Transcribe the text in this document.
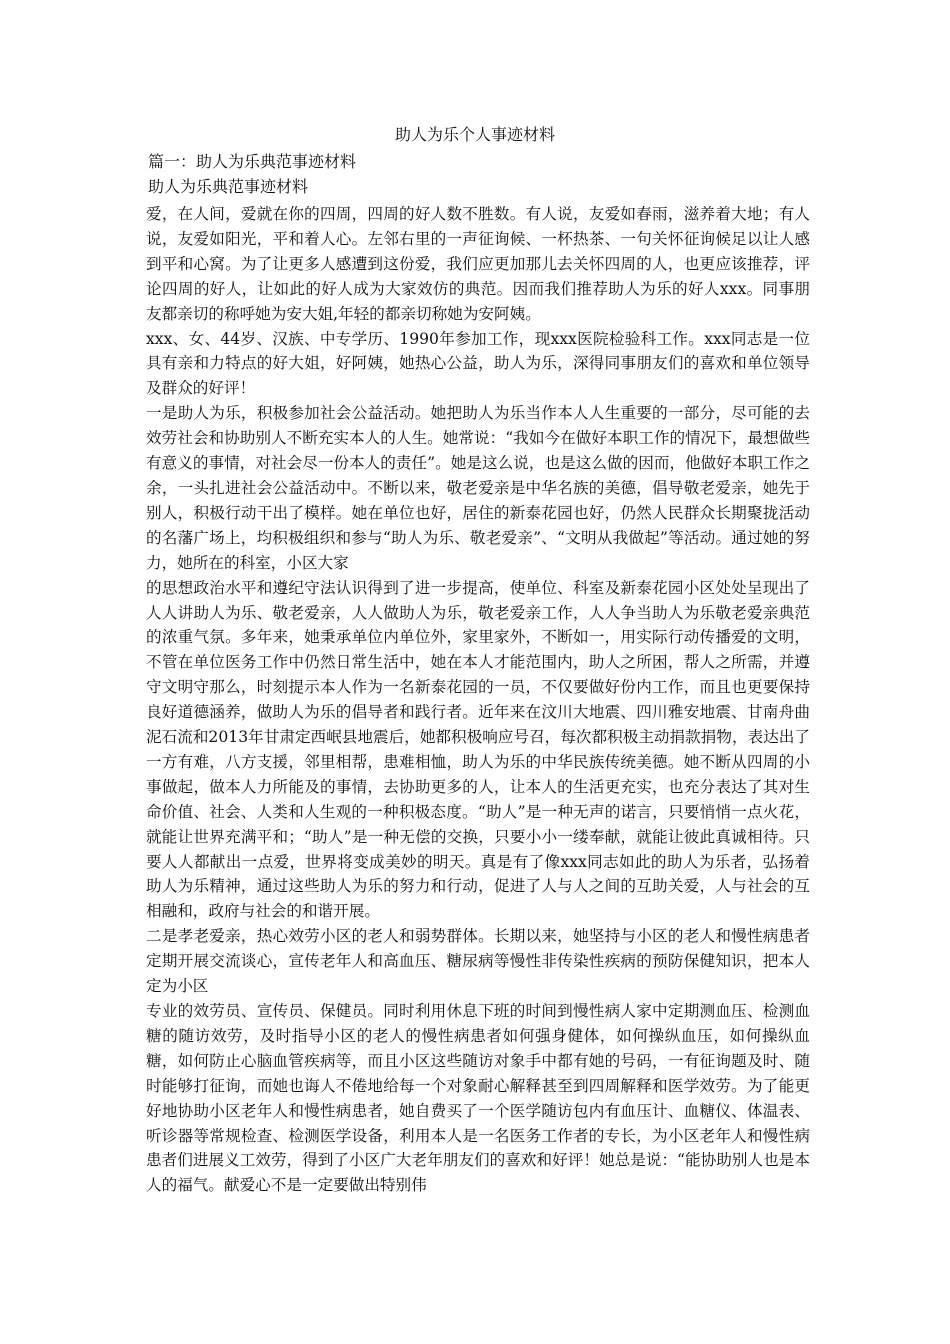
助人为乐个人事迹材料
篇一：助人为乐典范事迹材料
助人为乐典范事迹材料

爱，在人间，爱就在你的四周，四周的好人数不胜数。有人说，友爱如春雨，滋养着大地；有人说，友爱如阳光，平和着人心。左邻右里的一声征询候、一杯热茶、一句关怀征询候足以让人感到平和心窝。为了让更多人感遭到这份爱，我们应更加那儿去关怀四周的人，也更应该推荐，评论四周的好人，让如此的好人成为大家效仿的典范。因而我们推荐助人为乐的好人xxx。同事朋友都亲切的称呼她为安大姐,年轻的都亲切称她为安阿姨。

xxx、女、44岁、汉族、中专学历、1990年参加工作，现xxx医院检验科工作。xxx同志是一位具有亲和力特点的好大姐，好阿姨，她热心公益，助人为乐，深得同事朋友们的喜欢和单位领导及群众的好评！

一是助人为乐，积极参加社会公益活动。她把助人为乐当作本人人生重要的一部分，尽可能的去效劳社会和协助别人不断充实本人的人生。她常说：“我如今在做好本职工作的情况下，最想做些有意义的事情，对社会尽一份本人的责任”。她是这么说，也是这么做的因而，他做好本职工作之余，一头扎进社会公益活动中。不断以来，敬老爱亲是中华名族的美德，倡导敬老爱亲，她先于别人，积极行动干出了模样。她在单位也好，居住的新泰花园也好，仍然人民群众长期聚拢活动的名藩广场上，均积极组织和参与“助人为乐、敬老爱亲”、“文明从我做起”等活动。通过她的努力，她所在的科室，小区大家

的思想政治水平和遵纪守法认识得到了进一步提高，使单位、科室及新泰花园小区处处呈现出了人人讲助人为乐、敬老爱亲，人人做助人为乐，敬老爱亲工作，人人争当助人为乐敬老爱亲典范的浓重气氛。多年来，她秉承单位内单位外，家里家外，不断如一，用实际行动传播爱的文明，不管在单位医务工作中仍然日常生活中，她在本人才能范围内，助人之所困，帮人之所需，并遵守文明守那么，时刻提示本人作为一名新泰花园的一员，不仅要做好份内工作，而且也更要保持良好道德涵养，做助人为乐的倡导者和践行者。近年来在汶川大地震、四川雅安地震、甘南舟曲泥石流和2013年甘肃定西岷县地震后，她都积极响应号召，每次都积极主动捐款捐物，表达出了一方有难，八方支援，邻里相帮，患难相恤，助人为乐的中华民族传统美德。她不断从四周的小事做起，做本人力所能及的事情，去协助更多的人，让本人的生活更充实，也充分表达了其对生命价值、社会、人类和人生观的一种积极态度。“助人”是一种无声的诺言，只要悄悄一点火花，就能让世界充满平和；“助人”是一种无偿的交换，只要小小一缕奉献，就能让彼此真诚相待。只要人人都献出一点爱，世界将变成美妙的明天。真是有了像xxx同志如此的助人为乐者，弘扬着助人为乐精神，通过这些助人为乐的努力和行动，促进了人与人之间的互助关爱，人与社会的互相融和，政府与社会的和谐开展。

二是孝老爱亲，热心效劳小区的老人和弱势群体。长期以来，她坚持与小区的老人和慢性病患者定期开展交流谈心，宣传老年人和高血压、糖尿病等慢性非传染性疾病的预防保健知识，把本人定为小区

专业的效劳员、宣传员、保健员。同时利用休息下班的时间到慢性病人家中定期测血压、检测血糖的随访效劳，及时指导小区的老人的慢性病患者如何强身健体，如何操纵血压，如何操纵血糖，如何防止心脑血管疾病等，而且小区这些随访对象手中都有她的号码，一有征询题及时、随时能够打征询，而她也诲人不倦地给每一个对象耐心解释甚至到四周解释和医学效劳。为了能更好地协助小区老年人和慢性病患者，她自费买了一个医学随访包内有血压计、血糖仪、体温表、听诊器等常规检查、检测医学设备，利用本人是一名医务工作者的专长，为小区老年人和慢性病患者们进展义工效劳，得到了小区广大老年朋友们的喜欢和好评！她总是说：“能协助别人也是本人的福气。献爱心不是一定要做出特别伟
